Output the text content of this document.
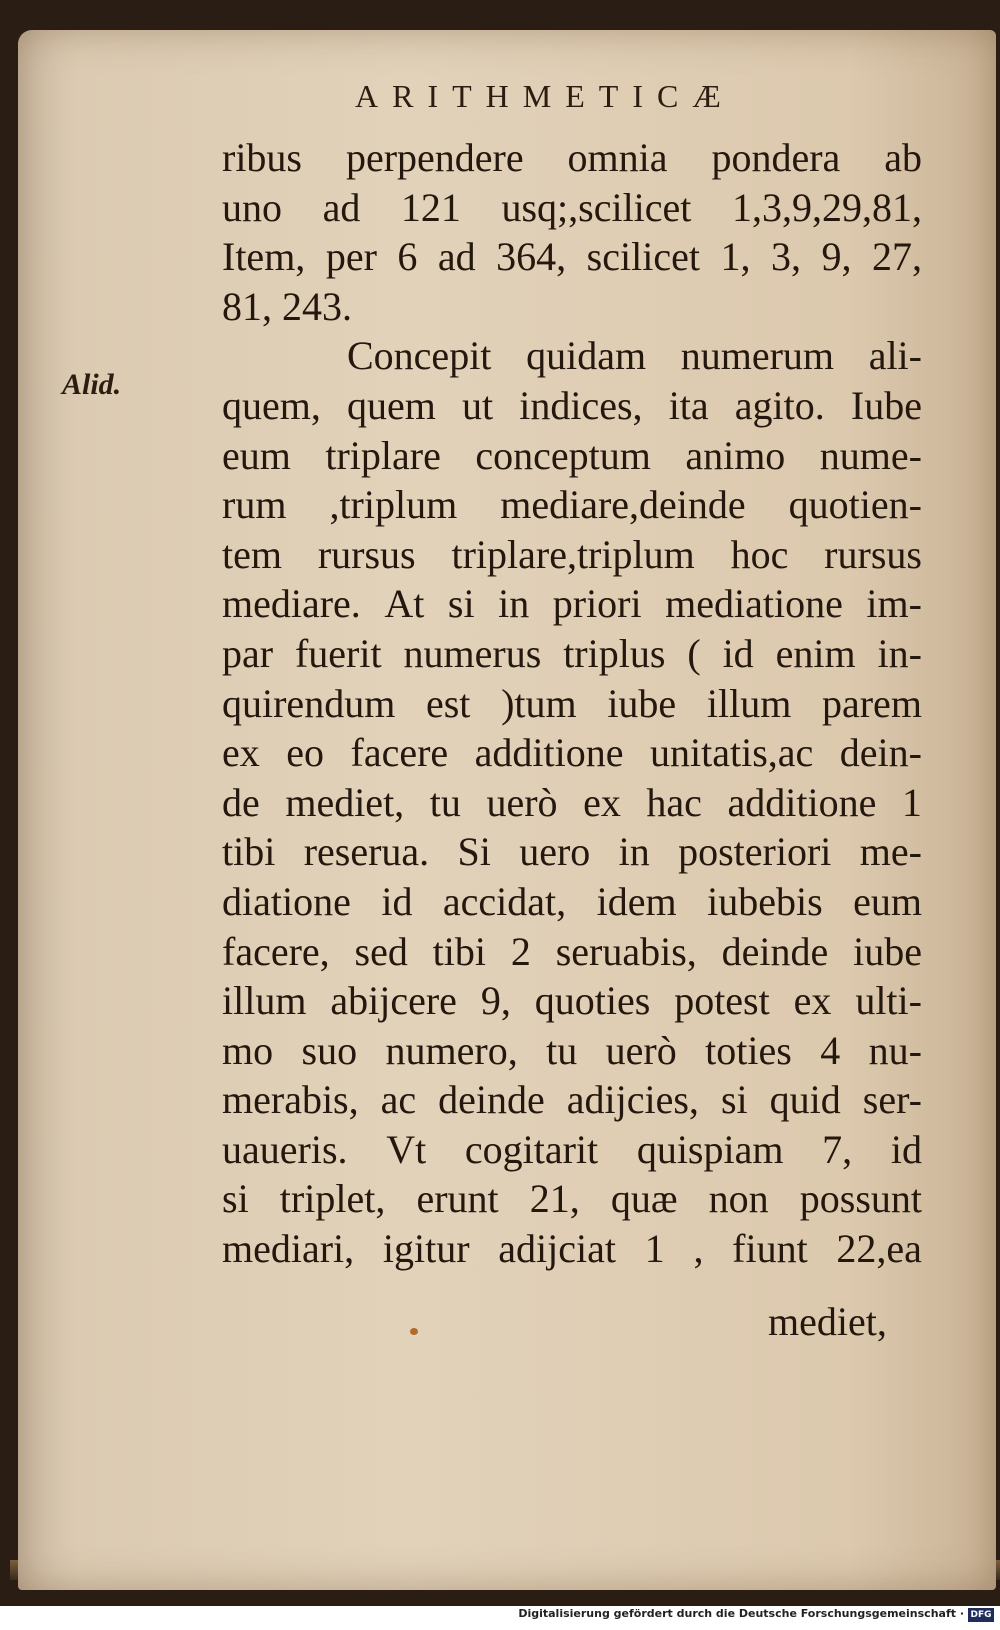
ARITHMETICÆ
Alid.
ribus perpendere omnia pondera ab
uno ad 121 usq;,scilicet 1,3,9,29,81,
Item, per 6 ad 364, scilicet 1, 3, 9, 27,
81, 243.
Concepit quidam numerum ali-
quem, quem ut indices, ita agito. Iube
eum triplare conceptum animo nume-
rum ,triplum mediare,deinde quotien-
tem rursus triplare,triplum hoc rursus
mediare. At si in priori mediatione im-
par fuerit numerus triplus ( id enim in-
quirendum est )tum iube illum parem
ex eo facere additione unitatis,ac dein-
de mediet, tu uerò ex hac additione 1
tibi reserua. Si uero in posteriori me-
diatione id accidat, idem iubebis eum
facere, sed tibi 2 seruabis, deinde iube
illum abijcere 9, quoties potest ex ulti-
mo suo numero, tu uerò toties 4 nu-
merabis, ac deinde adijcies, si quid ser-
uaueris. Vt cogitarit quispiam 7, id
si triplet, erunt 21, quæ non possunt
mediari, igitur adijciat 1 , fiunt 22,ea
mediet,
Digitalisierung gefördert durch die Deutsche Forschungsgemeinschaft · DFG
